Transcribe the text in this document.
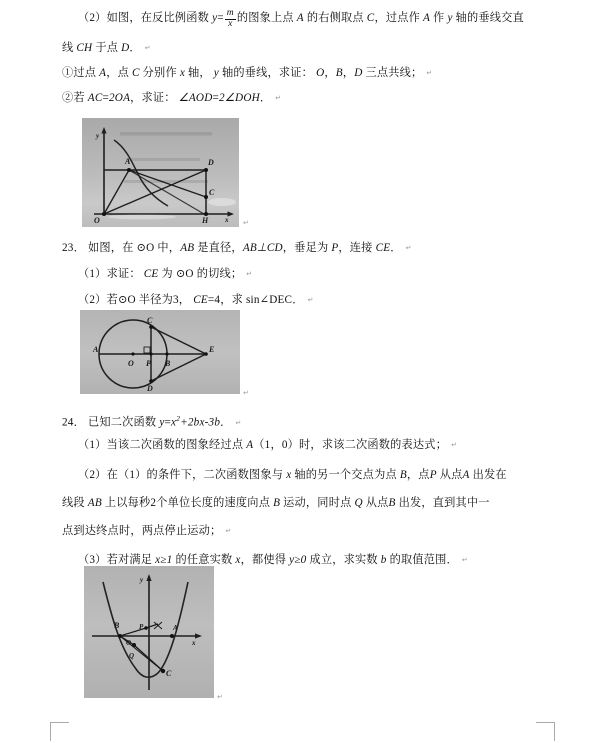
（2）如图，在反比例函数 $y= \frac{m}{x}$ 的图象上点 A 的右侧取点 C，过点作 A 作 y 轴的垂线交直
线 CH 于点 D． ↵
①过点 A，点 C 分别作 x 轴， y 轴的垂线，求证： O，B，D 三点共线； ↵
②若 AC=2OA，求证： ∠AOD=2∠DOH． ↵
A	D
C
O	H
y
x ↵
23． 如图，在 ⊙O 中，AB 是直径，AB⊥CD，垂足为 P，连接 CE． ↵
（1）求证： CE 为 ⊙O 的切线； ↵
（2）若⊙O 半径为3， CE=4，求 sin∠DEC． ↵
A
O P B
E
C
D	↵
24． 已知二次函数 $y=x^2+2bx‑3b$． ↵
（1）当该二次函数的图象经过点 A（1，0）时，求该二次函数的表达式； ↵
（2）在（1）的条件下，二次函数图象与 x 轴的另一个交点为点 B，点P 从点A 出发在
线段 AB 上以每秒2个单位长度的速度向点 B 运动，同时点 Q 从点B 出发，直到其中一
点到达终点时，两点停止运动； ↵
（3）若对满足 x≥1 的任意实数 x，都使得 y≥0 成立，求实数 b 的取值范围． ↵
B	P
O
Q
A
C
y
x
↵
